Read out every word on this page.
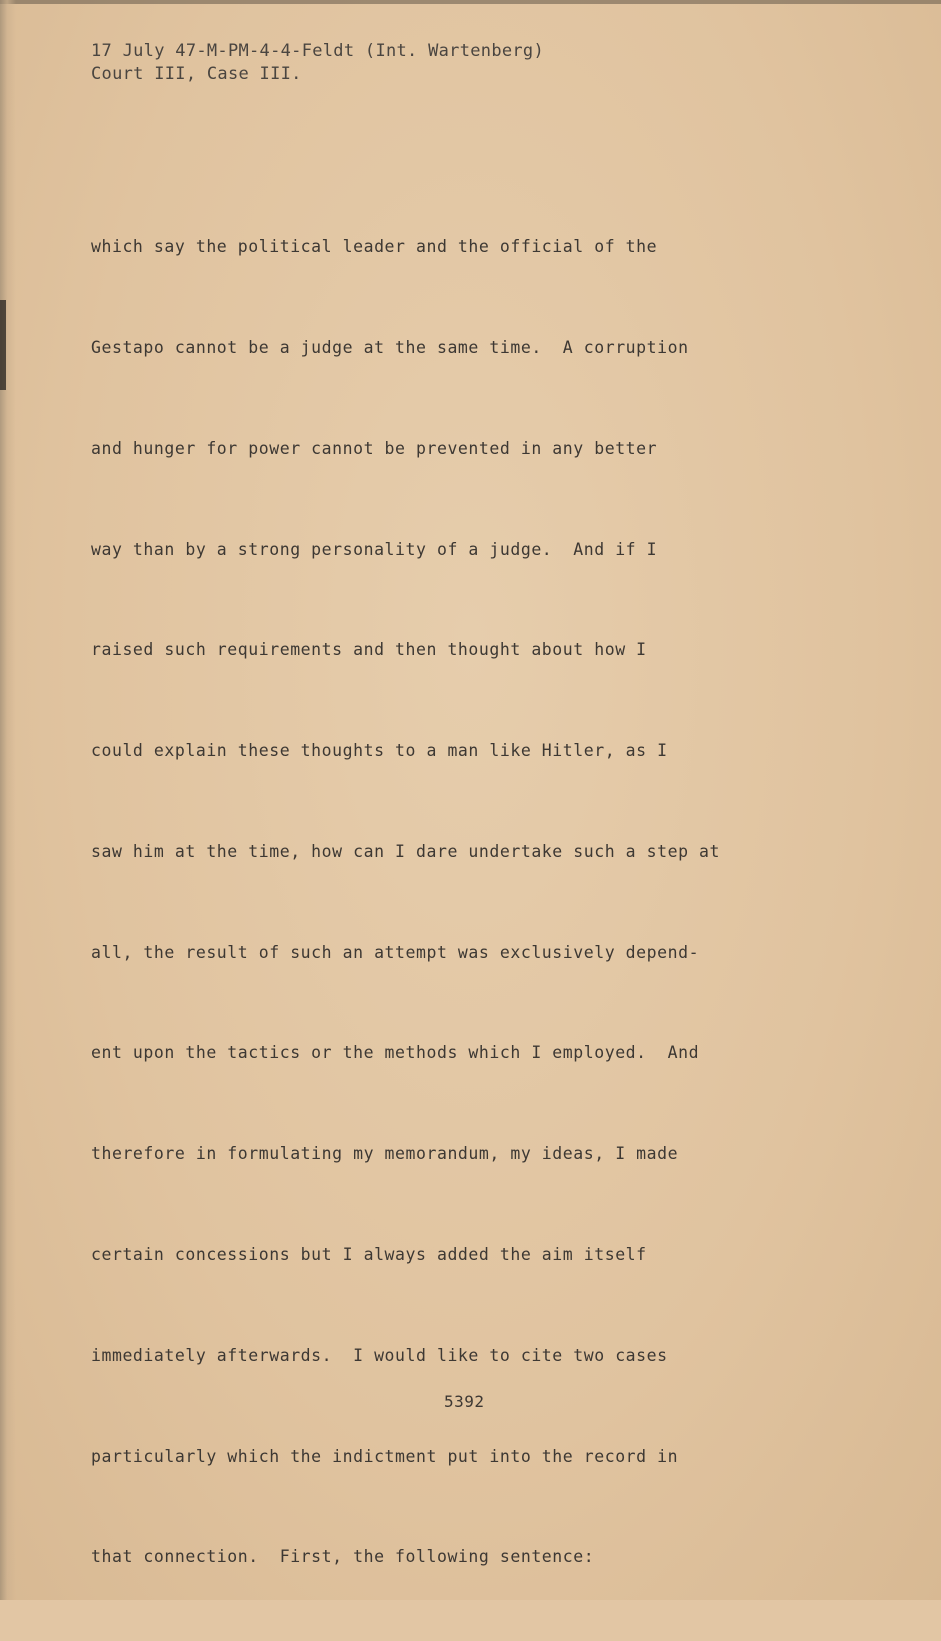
17 July 47-M-PM-4-4-Feldt (Int. Wartenberg)
Court III, Case III.

which say the political leader and the official of the

Gestapo cannot be a judge at the same time.  A corruption

and hunger for power cannot be prevented in any better

way than by a strong personality of a judge.  And if I

raised such requirements and then thought about how I

could explain these thoughts to a man like Hitler, as I

saw him at the time, how can I dare undertake such a step at

all, the result of such an attempt was exclusively depend-

ent upon the tactics or the methods which I employed.  And

therefore in formulating my memorandum, my ideas, I made

certain concessions but I always added the aim itself

immediately afterwards.  I would like to cite two cases

particularly which the indictment put into the record in

that connection.  First, the following sentence:

5392
